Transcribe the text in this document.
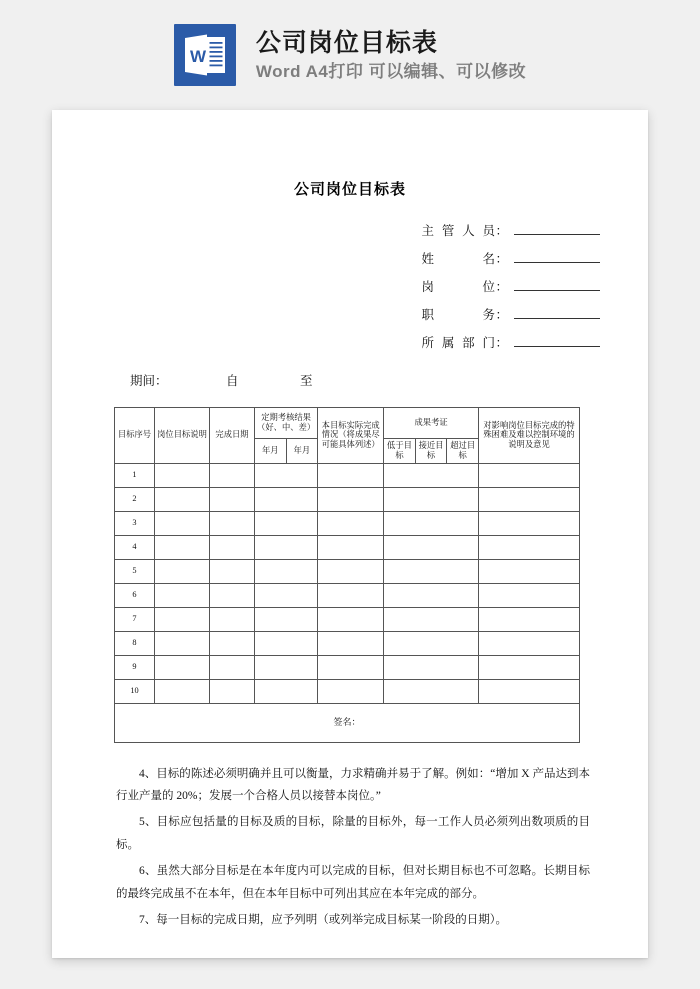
W 公司岗位目标表
Word A4打印 可以编辑、可以修改
公司岗位目标表
主管人员 ：
姓名 ：
岗位 ：
职务 ：
所属部门 ：
期间：	自	至
目标序号	岗位目标说明	完成日期	定期考核结果（好、中、差）		本目标实际完成情况（将成果尽可能具体列述）	成果考证			对影响岗位目标完成的特殊困难及难以控制环境的说明及意见
			年月	年月		低于目标	接近目标	超过目标	
1									
2									
3									
4									
5									
6									
7									
8									
9									
10									
签名：									

4、目标的陈述必须明确并且可以衡量，力求精确并易于了解。例如：“增加 X 产品达到本行业产量的 20%；发展一个合格人员以接替本岗位。”

5、目标应包括量的目标及质的目标，除量的目标外，每一工作人员必须列出数项质的目标。

6、虽然大部分目标是在本年度内可以完成的目标，但对长期目标也不可忽略。长期目标的最终完成虽不在本年，但在本年目标中可列出其应在本年完成的部分。

7、每一目标的完成日期，应予列明（或列举完成目标某一阶段的日期）。
